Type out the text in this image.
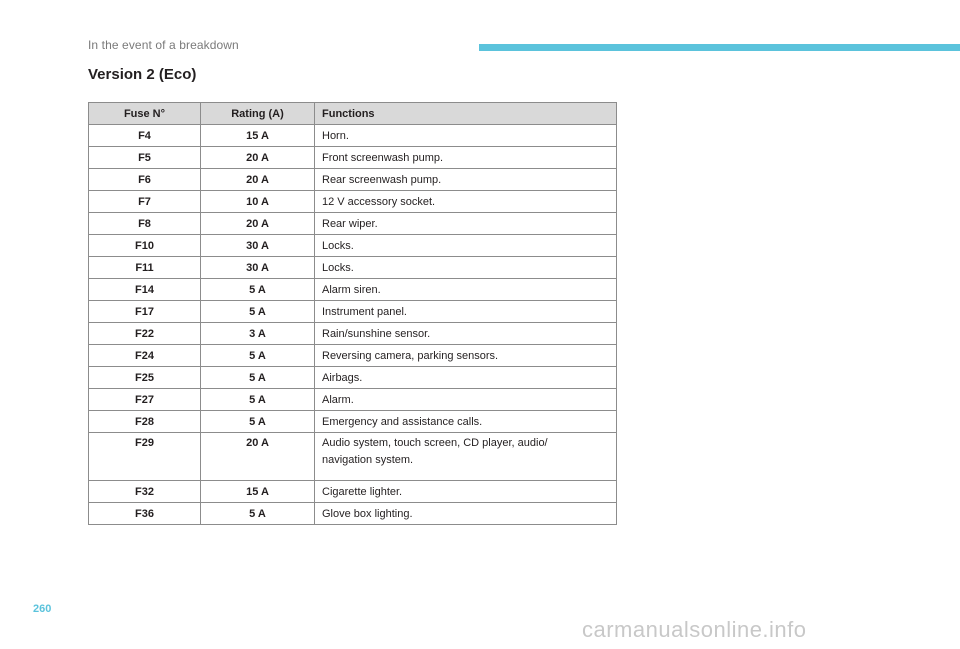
In the event of a breakdown
Version 2 (Eco)
Fuse N°	Rating (A)	Functions
F4	15 A	Horn.
F5	20 A	Front screenwash pump.
F6	20 A	Rear screenwash pump.
F7	10 A	12 V accessory socket.
F8	20 A	Rear wiper.
F10	30 A	Locks.
F11	30 A	Locks.
F14	5 A	Alarm siren.
F17	5 A	Instrument panel.
F22	3 A	Rain/sunshine sensor.
F24	5 A	Reversing camera, parking sensors.
F25	5 A	Airbags.
F27	5 A	Alarm.
F28	5 A	Emergency and assistance calls.
F29	20 A	Audio system, touch screen, CD player, audio/ navigation system.
F32	15 A	Cigarette lighter.
F36	5 A	Glove box lighting.
260
carmanualsonline.info
